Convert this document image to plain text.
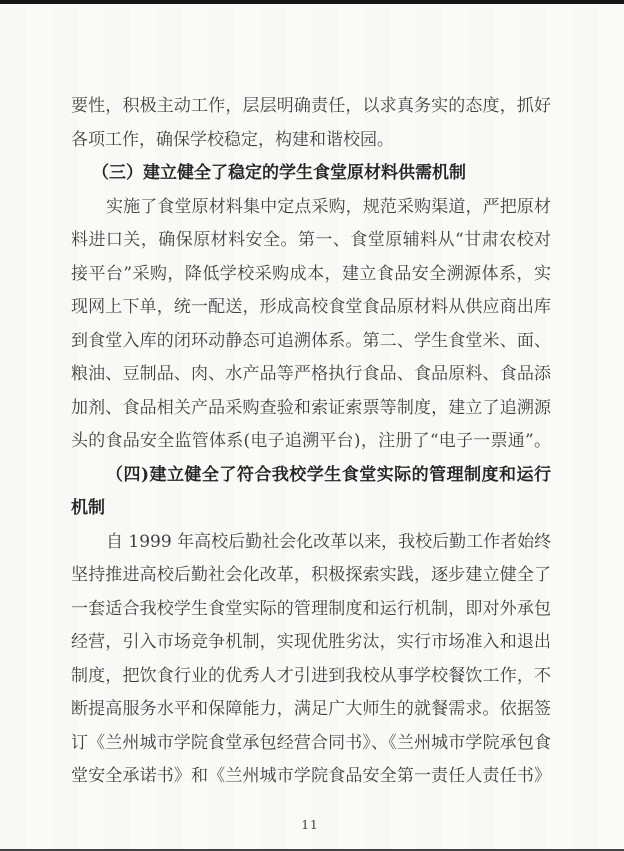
要性，积极主动工作，层层明确责任，以求真务实的态度，抓好
各项工作，确保学校稳定，构建和谐校园。
（三）建立健全了稳定的学生食堂原材料供需机制
实施了食堂原材料集中定点采购，规范采购渠道，严把原材
料进口关，确保原材料安全。第一、食堂原辅料从“甘肃农校对
接平台”采购，降低学校采购成本，建立食品安全溯源体系，实
现网上下单，统一配送，形成高校食堂食品原材料从供应商出库
到食堂入库的闭环动静态可追溯体系。第二、学生食堂米、面、
粮油、豆制品、肉、水产品等严格执行食品、食品原料、食品添
加剂、食品相关产品采购查验和索证索票等制度，建立了追溯源
头的食品安全监管体系(电子追溯平台)，注册了“电子一票通”。
（四)建立健全了符合我校学生食堂实际的管理制度和运行
机制
自 1999 年高校后勤社会化改革以来，我校后勤工作者始终
坚持推进高校后勤社会化改革，积极探索实践，逐步建立健全了
一套适合我校学生食堂实际的管理制度和运行机制，即对外承包
经营，引入市场竞争机制，实现优胜劣汰，实行市场准入和退出
制度，把饮食行业的优秀人才引进到我校从事学校餐饮工作，不
断提高服务水平和保障能力，满足广大师生的就餐需求。依据签
订《兰州城市学院食堂承包经营合同书》、《兰州城市学院承包食
堂安全承诺书》和《兰州城市学院食品安全第一责任人责任书》
11
